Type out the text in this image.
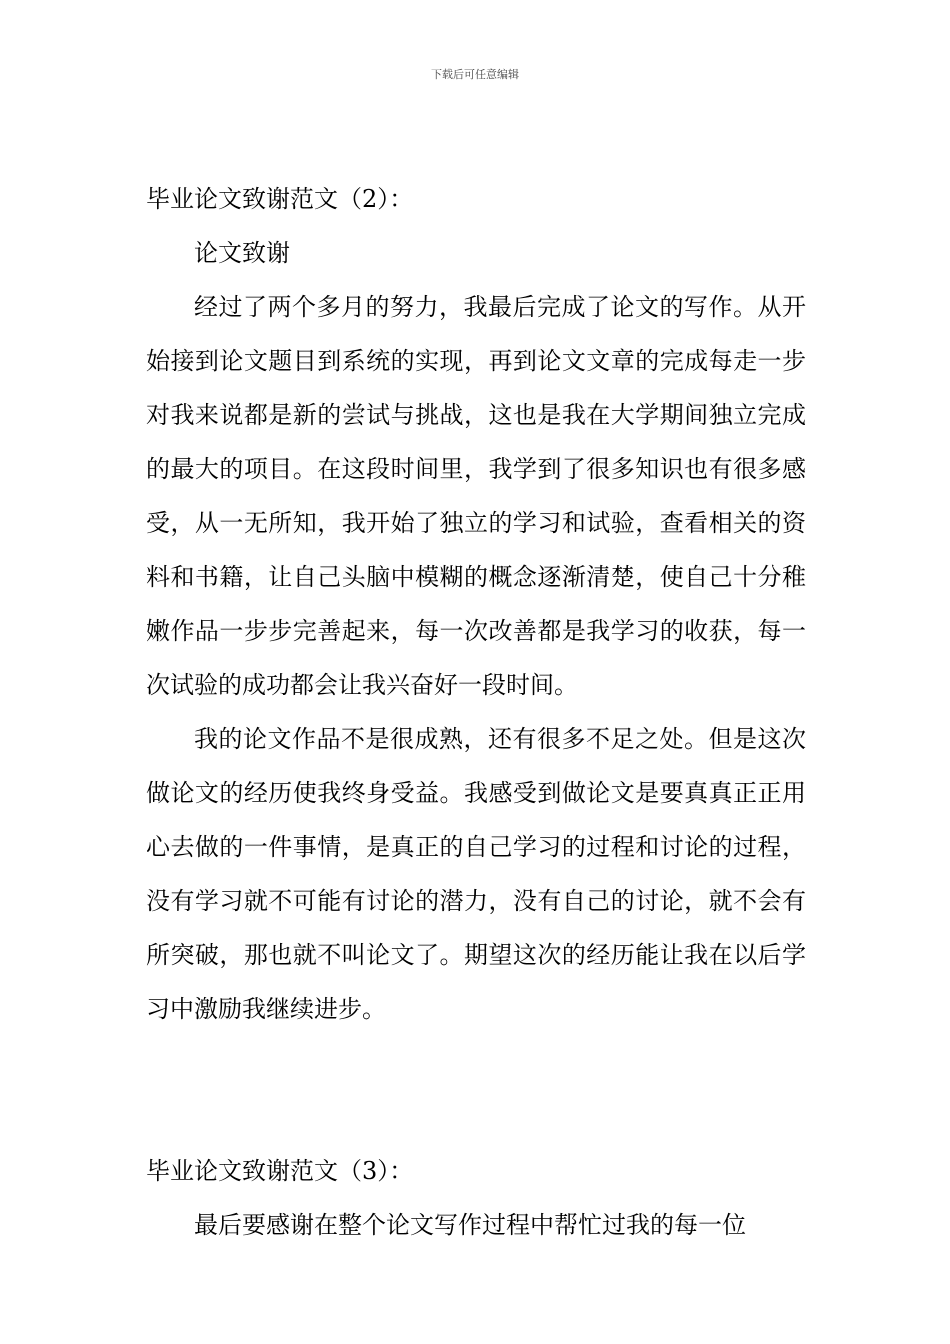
下载后可任意编辑

毕业论文致谢范文（2）：

论文致谢

经过了两个多月的努力，我最后完成了论文的写作。从开始接到论文题目到系统的实现，再到论文文章的完成每走一步对我来说都是新的尝试与挑战，这也是我在大学期间独立完成的最大的项目。在这段时间里，我学到了很多知识也有很多感受，从一无所知，我开始了独立的学习和试验，查看相关的资料和书籍，让自己头脑中模糊的概念逐渐清楚，使自己十分稚嫩作品一步步完善起来，每一次改善都是我学习的收获，每一次试验的成功都会让我兴奋好一段时间。

我的论文作品不是很成熟，还有很多不足之处。但是这次做论文的经历使我终身受益。我感受到做论文是要真真正正用心去做的一件事情，是真正的自己学习的过程和讨论的过程，没有学习就不可能有讨论的潜力，没有自己的讨论，就不会有所突破，那也就不叫论文了。期望这次的经历能让我在以后学习中激励我继续进步。

毕业论文致谢范文（3）：

最后要感谢在整个论文写作过程中帮忙过我的每一位
